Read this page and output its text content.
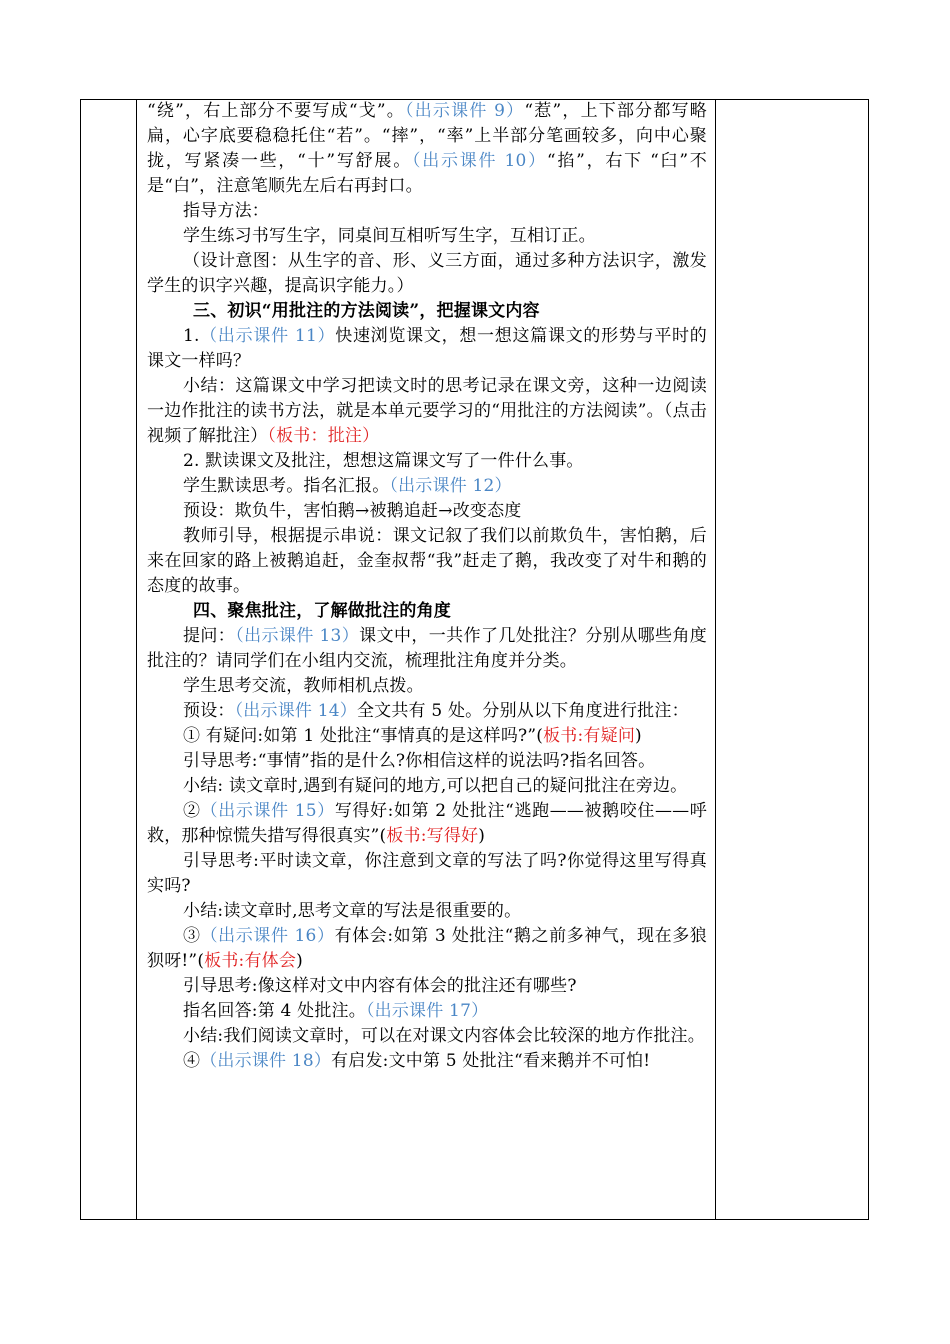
“绕”，右上部分不要写成“戈”。（出示课件 9）“惹”，上下部分都写略扁，心字底要稳稳托住“若”。“摔”，“率”上半部分笔画较多，向中心聚拢，写紧凑一些，“十”写舒展。（出示课件 10）“掐”，右下 “臼”不是“白”，注意笔顺先左后右再封口。

指导方法：

学生练习书写生字，同桌间互相听写生字，互相订正。

（设计意图：从生字的音、形、义三方面，通过多种方法识字，激发学生的识字兴趣，提高识字能力。）

三、初识“用批注的方法阅读”，把握课文内容

1.（出示课件 11）快速浏览课文，想一想这篇课文的形势与平时的课文一样吗？

小结：这篇课文中学习把读文时的思考记录在课文旁，这种一边阅读一边作批注的读书方法，就是本单元要学习的“用批注的方法阅读”。（点击视频了解批注）（板书：批注）

2. 默读课文及批注，想想这篇课文写了一件什么事。

学生默读思考。指名汇报。（出示课件 12）

预设：欺负牛，害怕鹅→被鹅追赶→改变态度

教师引导，根据提示串说：课文记叙了我们以前欺负牛，害怕鹅，后来在回家的路上被鹅追赶，金奎叔帮“我”赶走了鹅，我改变了对牛和鹅的态度的故事。

四、聚焦批注，了解做批注的角度

提问：（出示课件 13）课文中，一共作了几处批注？分别从哪些角度批注的？请同学们在小组内交流，梳理批注角度并分类。

学生思考交流，教师相机点拨。

预设：（出示课件 14）全文共有 5 处。分别从以下角度进行批注：

① 有疑问:如第 1 处批注“事情真的是这样吗?”(板书:有疑问)

引导思考:“事情”指的是什么?你相信这样的说法吗?指名回答。

小结: 读文章时,遇到有疑问的地方,可以把自己的疑问批注在旁边。

②（出示课件 15）写得好:如第 2 处批注“逃跑——被鹅咬住——呼救，那种惊慌失措写得很真实”(板书:写得好)

引导思考:平时读文章，你注意到文章的写法了吗?你觉得这里写得真实吗?

小结:读文章时,思考文章的写法是很重要的。

③（出示课件 16）有体会:如第 3 处批注“鹅之前多神气，现在多狼狈呀!”(板书:有体会)

引导思考:像这样对文中内容有体会的批注还有哪些?

指名回答:第 4 处批注。（出示课件 17）

小结:我们阅读文章时，可以在对课文内容体会比较深的地方作批注。

④（出示课件 18）有启发:文中第 5 处批注“看来鹅并不可怕!
